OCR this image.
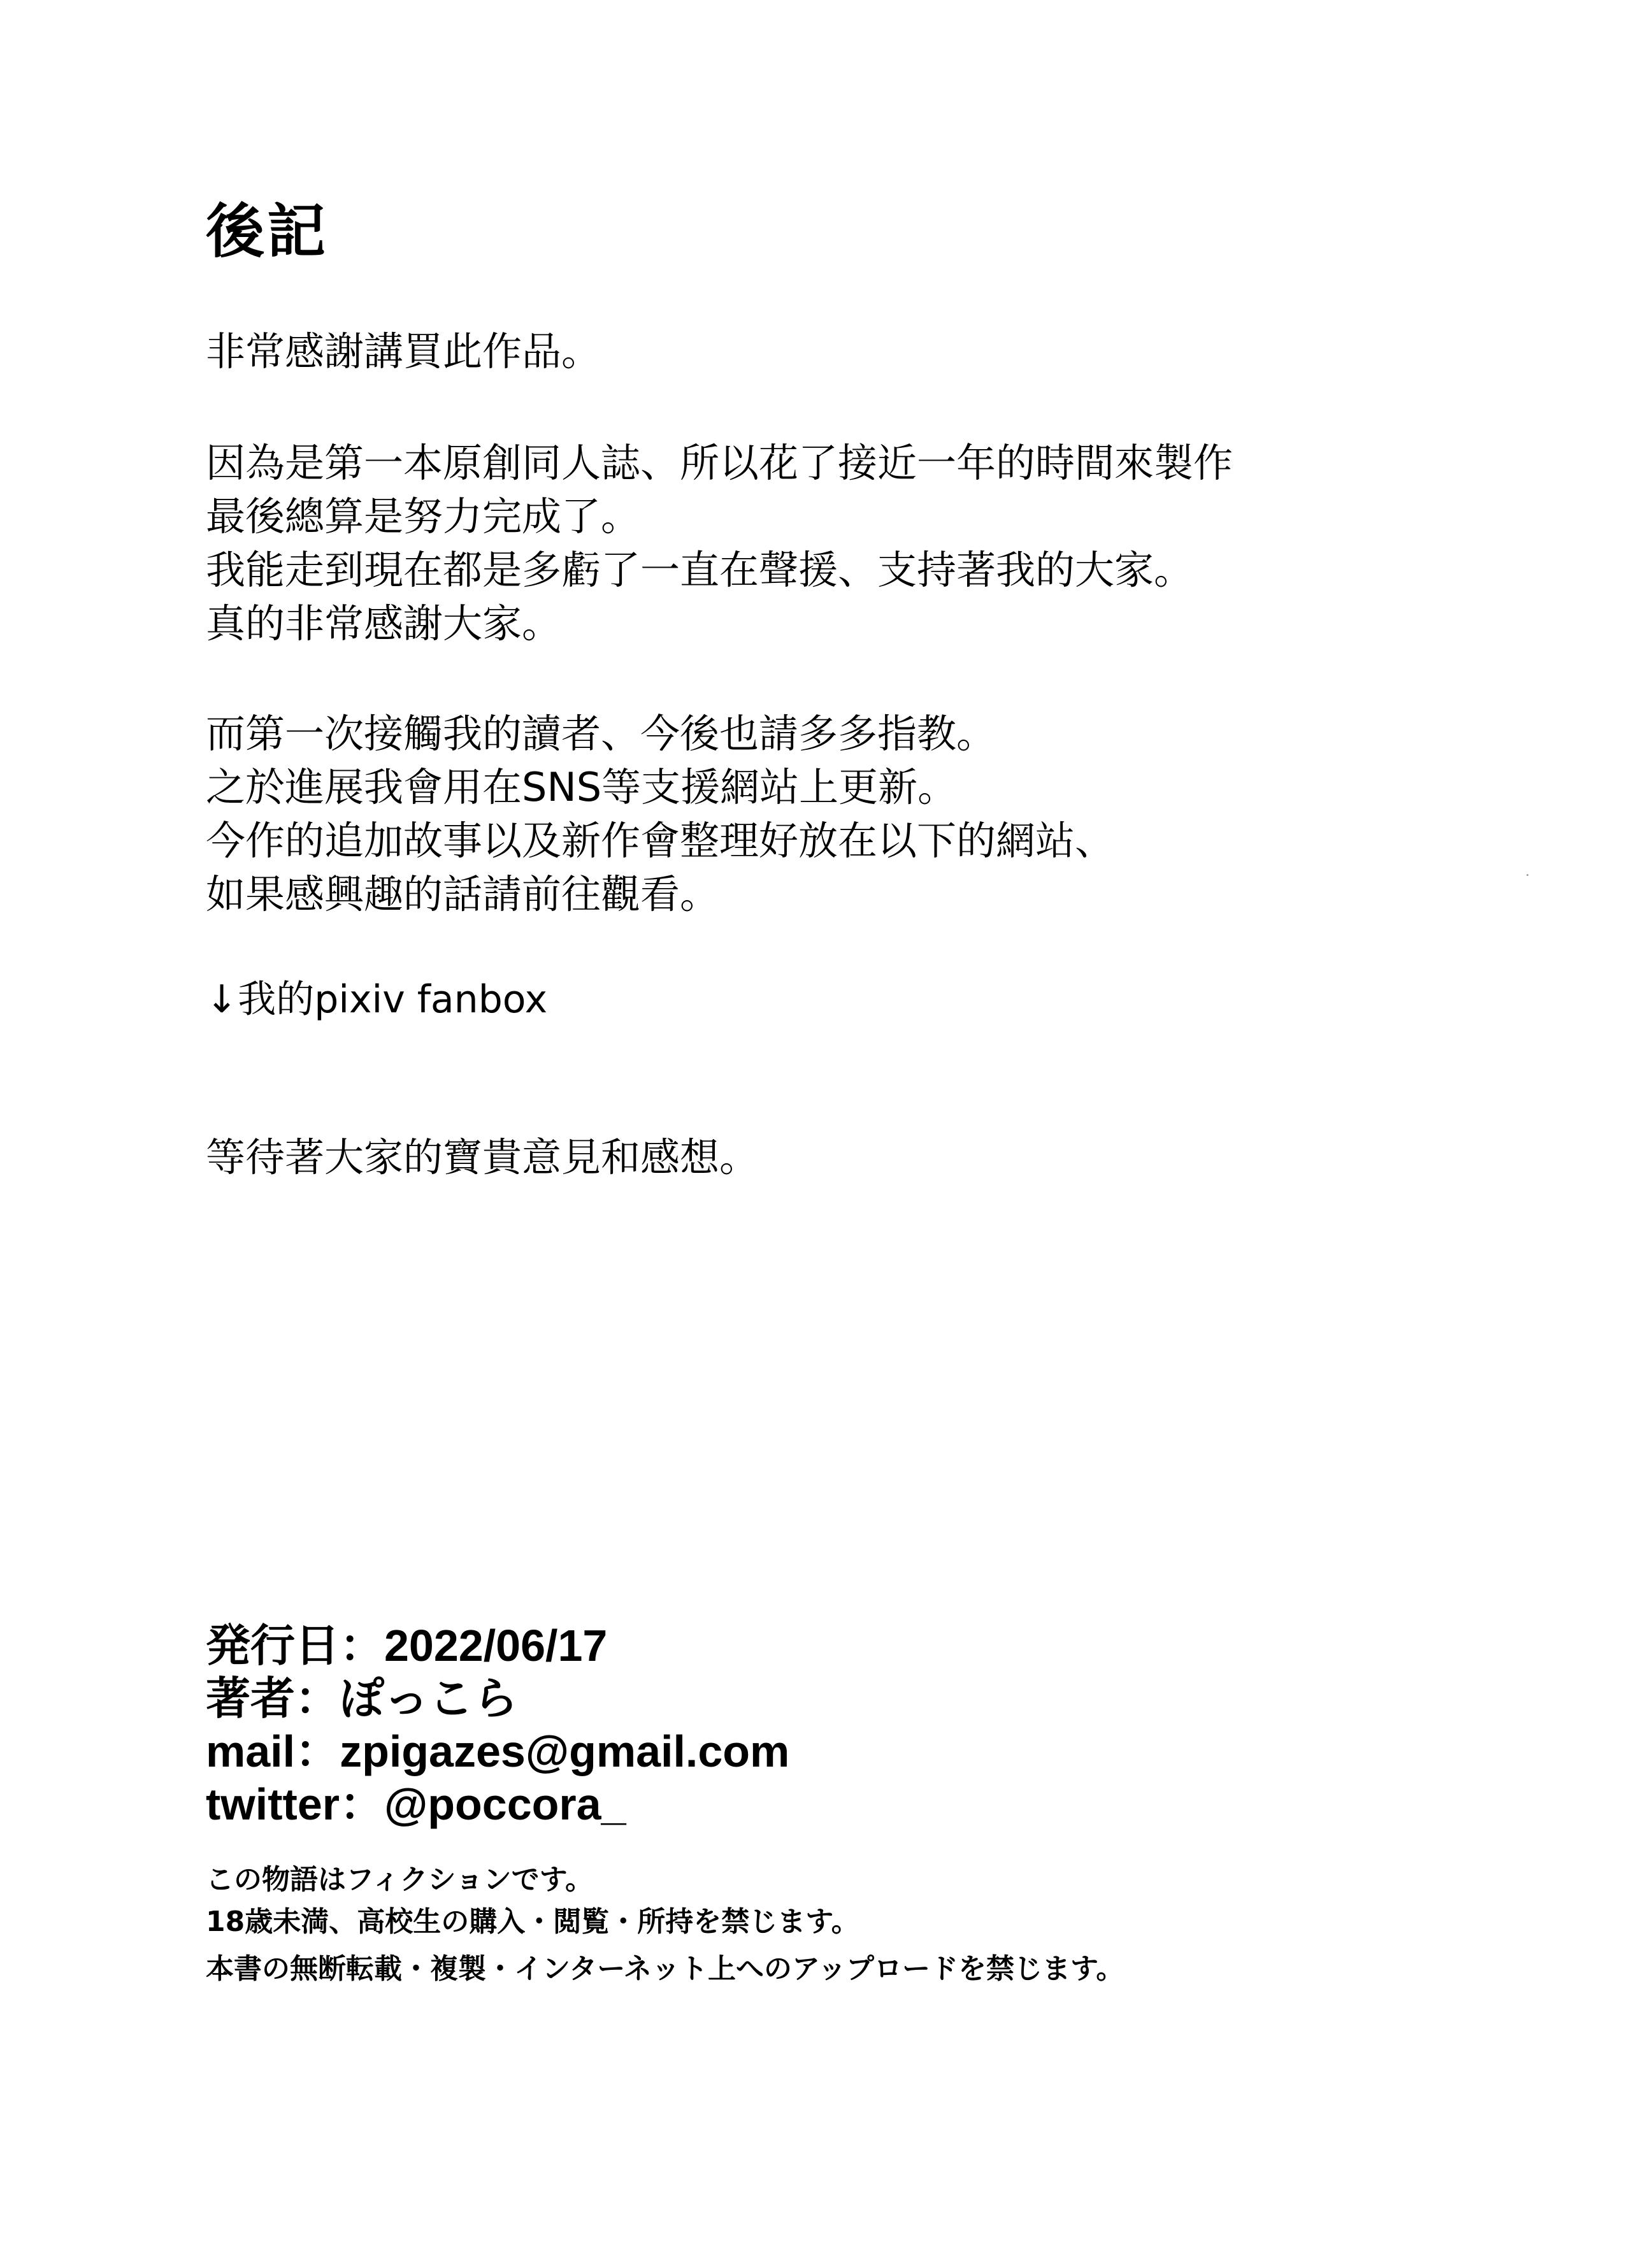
後記
非常感謝講買此作品。
因為是第一本原創同人誌、所以花了接近一年的時間來製作
最後總算是努力完成了。
我能走到現在都是多虧了一直在聲援、支持著我的大家。
真的非常感謝大家。
而第一次接觸我的讀者、今後也請多多指教。
之於進展我會用在SNS等支援網站上更新。
今作的追加故事以及新作會整理好放在以下的網站、
如果感興趣的話請前往觀看。
↓我的pixiv fanbox
等待著大家的寶貴意見和感想。
発行日：2022/06/17
著者：ぽっこら
mail：zpigazes@gmail.com
twitter：@poccora_
この物語はフィクションです。
18歳未満、高校生の購入・閲覧・所持を禁じます。
本書の無断転載・複製・インターネット上へのアップロードを禁じます。
